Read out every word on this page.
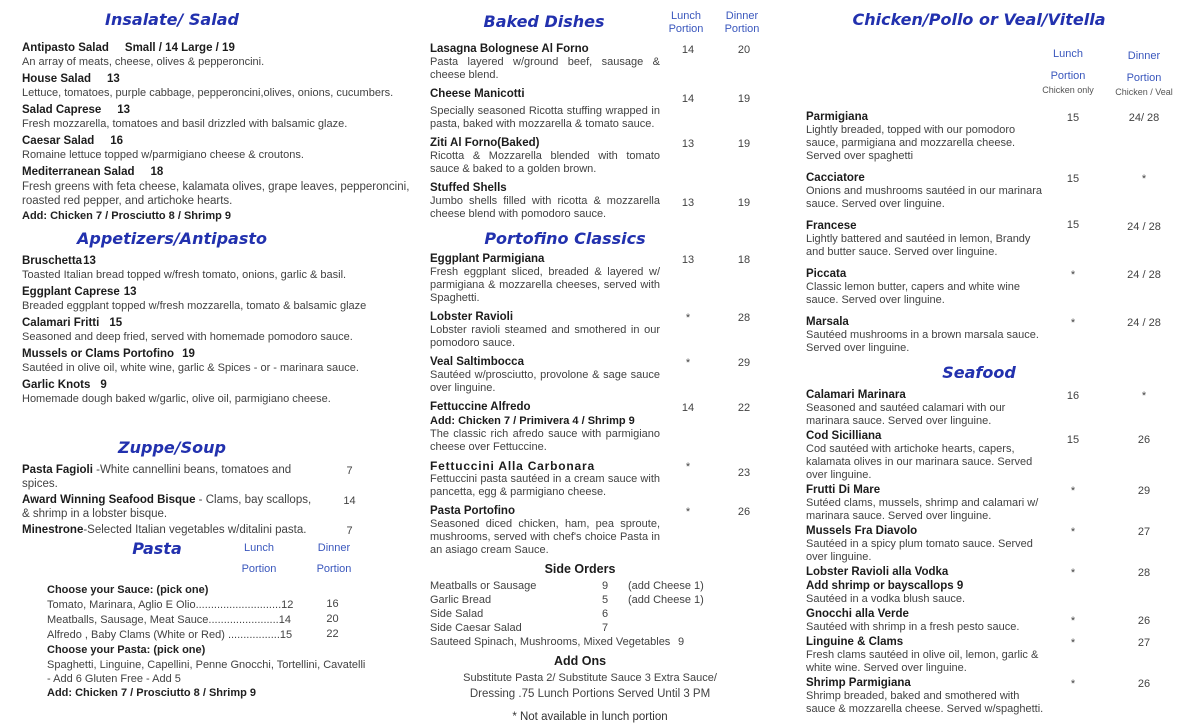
Insalate/ Salad
Antipasto Salad Small / 14 Large / 19
An array of meats, cheese, olives & pepperoncini.
House Salad 13
Lettuce, tomatoes, purple cabbage, pepperoncini,olives, onions, cucumbers.
Salad Caprese 13
Fresh mozzarella, tomatoes and basil drizzled with balsamic glaze.
Caesar Salad 16
Romaine lettuce topped w/parmigiano cheese & croutons.
Mediterranean Salad 18
Fresh greens with feta cheese, kalamata olives, grape leaves, pepperoncini, roasted red pepper, and artichoke hearts.
Add: Chicken 7 / Prosciutto 8 / Shrimp 9
Appetizers/Antipasto
Bruschetta13
Toasted Italian bread topped w/fresh tomato, onions, garlic & basil.
Eggplant Caprese 13
Breaded eggplant topped w/fresh mozzarella, tomato & balsamic glaze
Calamari Fritti 15
Seasoned and deep fried, served with homemade pomodoro sauce.
Mussels or Clams Portofino 19
Sautéed in olive oil, white wine, garlic & Spices - or - marinara sauce.
Garlic Knots 9
Homemade dough baked w/garlic, olive oil, parmigiano cheese.
Zuppe/Soup
Pasta Fagioli -White cannellini beans, tomatoes and spices.
7
Award Winning Seafood Bisque - Clams, bay scallops, & shrimp in a lobster bisque.
14
Minestrone-Selected Italian vegetables w/ditalini pasta.	7
Pasta	Lunch
Portion
Dinner
Portion
Choose your Sauce: (pick one)
Tomato, Marinara, Aglio E Olio............................12	16
Meatballs, Sausage, Meat Sauce.......................14	20
Alfredo , Baby Clams (White or Red) .................15	22
Choose your Pasta: (pick one)
Spaghetti, Linguine, Capellini, Penne Gnocchi, Tortellini, Cavatelli
- Add 6 Gluten Free - Add 5
Add: Chicken 7 / Prosciutto 8 / Shrimp 9
Baked Dishes	Lunch
Portion
Dinner
Portion
Lasagna Bolognese Al Forno
Pasta layered w/ground beef, sausage & cheese blend.
14	20
Cheese Manicotti
Specially seasoned Ricotta stuffing wrapped in pasta, baked with mozzarella & tomato sauce.
14	19
Ziti Al Forno(Baked)
Ricotta & Mozzarella blended with tomato sauce & baked to a golden brown.
13	19
Stuffed Shells
Jumbo shells filled with ricotta & mozzarella cheese blend with pomodoro sauce.
13	19
Portofino Classics
Eggplant Parmigiana
Fresh eggplant sliced, breaded & layered w/ parmigiana & mozzarella cheeses, served with Spaghetti.
13	18
Lobster Ravioli
Lobster ravioli steamed and smothered in our pomodoro sauce.
*	28
Veal Saltimbocca
Sautéed w/prosciutto, provolone & sage sauce over linguine.
*	29
Fettuccine Alfredo
Add: Chicken 7 / Primivera 4 / Shrimp 9
The classic rich afredo sauce with parmigiano cheese over Fettuccine.
14	22
Fettuccini Alla Carbonara
Fettuccini pasta sautéed in a cream sauce with pancetta, egg & parmigiano cheese.
*	23
Pasta Portofino
Seasoned diced chicken, ham, pea sproute, mushrooms, served with chef's choice Pasta in an asiago cream Sauce.
*	26
Side Orders
Meatballs or Sausage	9	(add Cheese 1)
Garlic Bread	5	(add Cheese 1)
Side Salad	6
Side Caesar Salad	7
Sauteed Spinach, Mushrooms, Mixed Vegetables 9
Add Ons
Substitute Pasta 2/ Substitute Sauce 3 Extra Sauce/
Dressing .75 Lunch Portions Served Until 3 PM
* Not available in lunch portion
Chicken/Pollo or Veal/Vitella
Lunch
Portion
Chicken only
Dinner
Portion
Chicken / Veal
Parmigiana
Lightly breaded, topped with our pomodoro sauce, parmigiana and mozzarella cheese. Served over spaghetti
15	24/ 28
Cacciatore
Onions and mushrooms sautéed in our marinara sauce. Served over linguine.
15	*
Francese
Lightly battered and sautéed in lemon, Brandy and butter sauce. Served over linguine.
15	24 / 28
Piccata
Classic lemon butter, capers and white wine sauce. Served over linguine.
*	24 / 28
Marsala
Sautéed mushrooms in a brown marsala sauce. Served over linguine.
*	24 / 28
Seafood
Calamari Marinara
Seasoned and sautéed calamari with our marinara sauce. Served over linguine.
16	*
Cod Sicilliana
Cod sautéed with artichoke hearts, capers, kalamata olives in our marinara sauce. Served over linguine.
15	26
Frutti Di Mare
Sutéed clams, mussels, shrimp and calamari w/ marinara sauce. Served over linguine.
*	29
Mussels Fra Diavolo
Sautéed in a spicy plum tomato sauce. Served over linguine.
*	27
Lobster Ravioli alla Vodka
Add shrimp or bayscallops 9
Sautéed in a vodka blush sauce.
*	28
Gnocchi alla Verde
Sautéed with shrimp in a fresh pesto sauce.	*	26
Linguine & Clams
Fresh clams sautéed in olive oil, lemon, garlic & white wine. Served over linguine.
*	27
Shrimp Parmigiana
Shrimp breaded, baked and smothered with sauce & mozzarella cheese. Served w/spaghetti.
*	26
